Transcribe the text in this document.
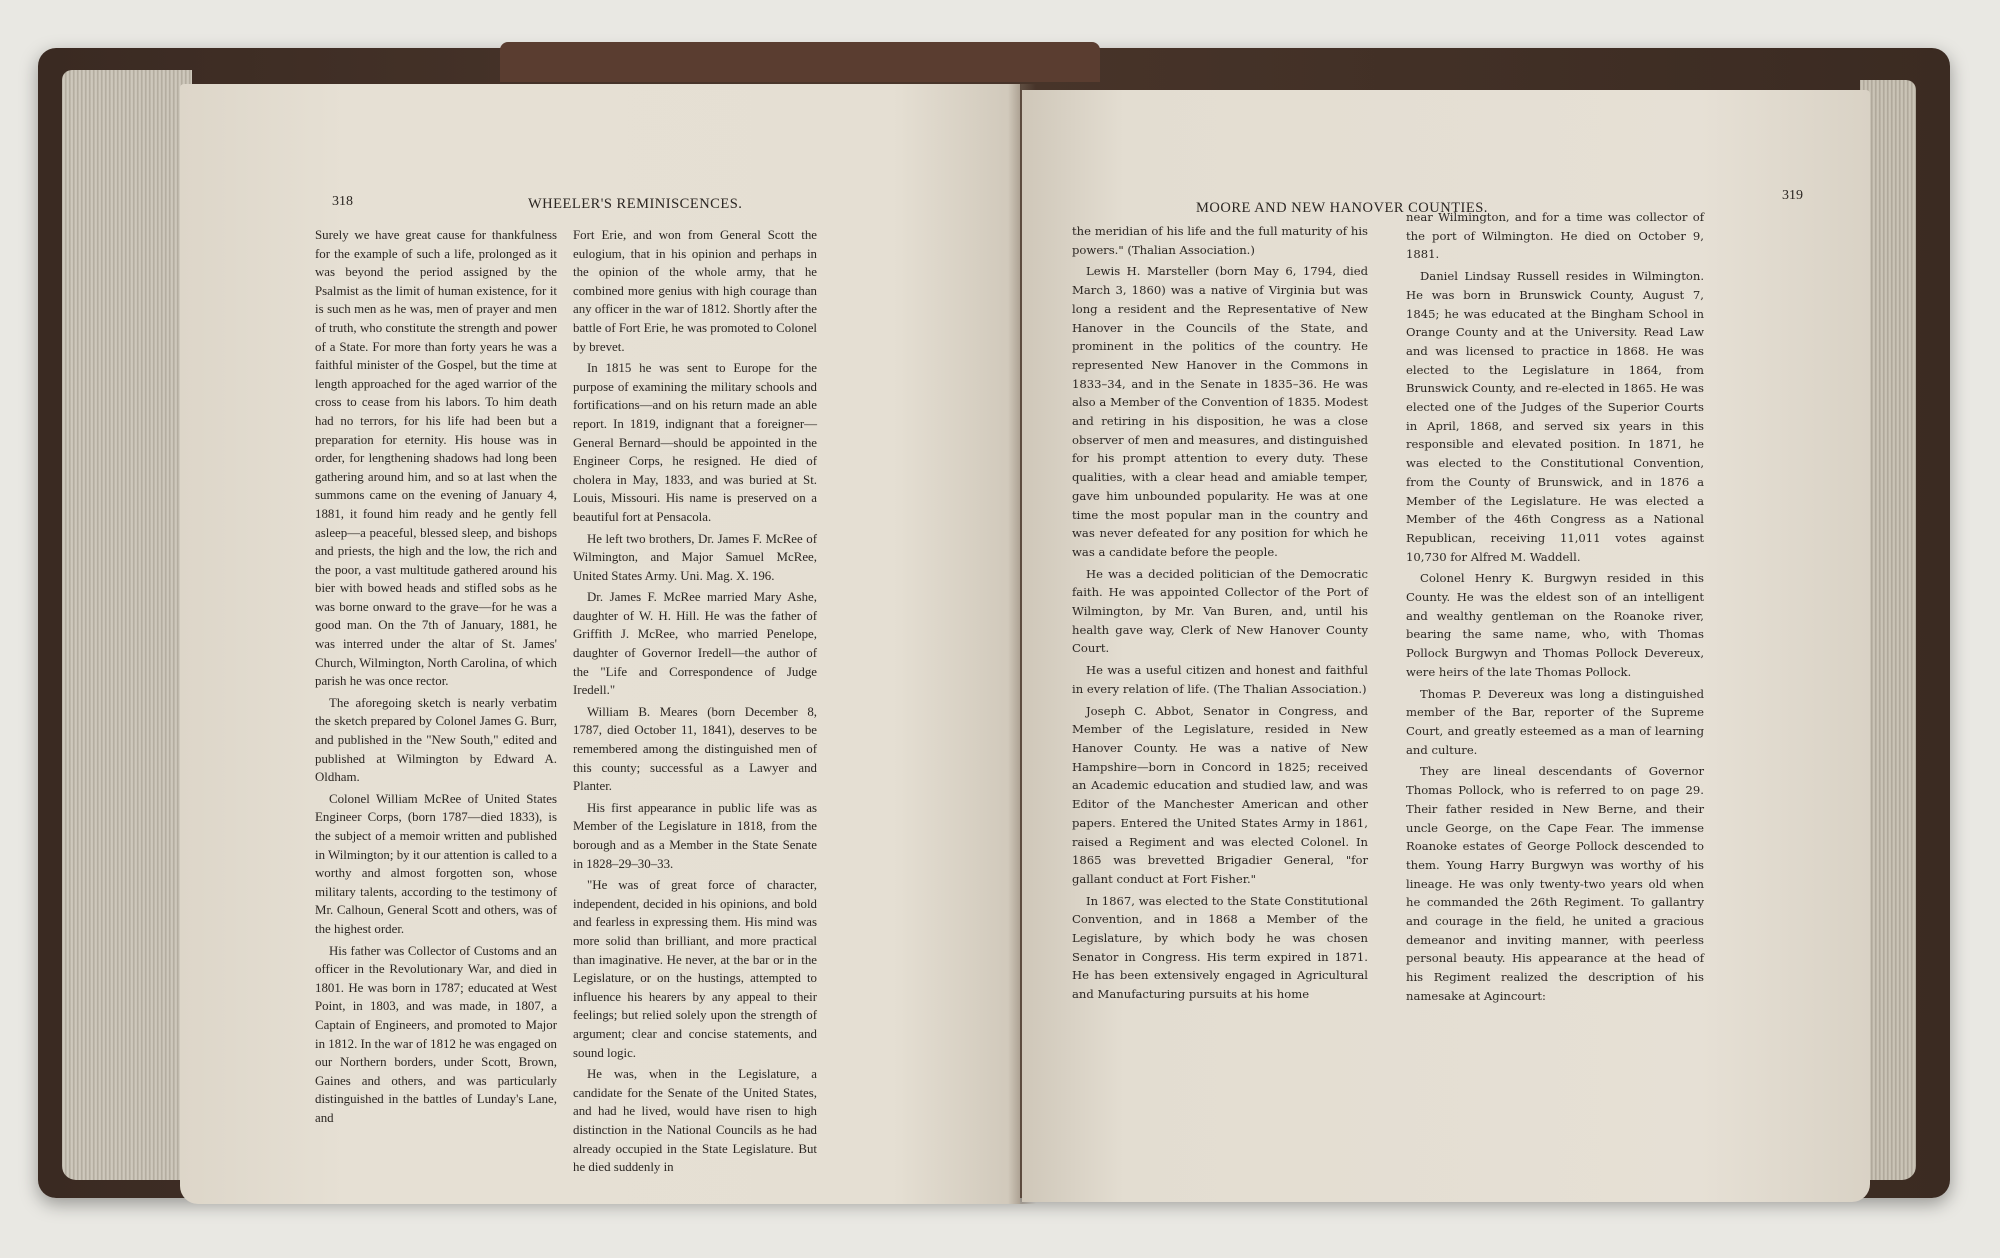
318	WHEELER'S REMINISCENCES.

Surely we have great cause for thankfulness for the example of such a life, prolonged as it was beyond the period assigned by the Psalmist as the limit of human existence, for it is such men as he was, men of prayer and men of truth, who constitute the strength and power of a State. For more than forty years he was a faithful minister of the Gospel, but the time at length approached for the aged warrior of the cross to cease from his labors. To him death had no terrors, for his life had been but a preparation for eternity. His house was in order, for lengthening shadows had long been gathering around him, and so at last when the summons came on the evening of January 4, 1881, it found him ready and he gently fell asleep—a peaceful, blessed sleep, and bishops and priests, the high and the low, the rich and the poor, a vast multitude gathered around his bier with bowed heads and stifled sobs as he was borne onward to the grave—for he was a good man. On the 7th of January, 1881, he was interred under the altar of St. James' Church, Wilmington, North Carolina, of which parish he was once rector.

The aforegoing sketch is nearly verbatim the sketch prepared by Colonel James G. Burr, and published in the "New South," edited and published at Wilmington by Edward A. Oldham.

Colonel William McRee of United States Engineer Corps, (born 1787—died 1833), is the subject of a memoir written and published in Wilmington; by it our attention is called to a worthy and almost forgotten son, whose military talents, according to the testimony of Mr. Calhoun, General Scott and others, was of the highest order.

His father was Collector of Customs and an officer in the Revolutionary War, and died in 1801. He was born in 1787; educated at West Point, in 1803, and was made, in 1807, a Captain of Engineers, and promoted to Major in 1812. In the war of 1812 he was engaged on our Northern borders, under Scott, Brown, Gaines and others, and was particularly distinguished in the battles of Lunday's Lane, and

Fort Erie, and won from General Scott the eulogium, that in his opinion and perhaps in the opinion of the whole army, that he combined more genius with high courage than any officer in the war of 1812. Shortly after the battle of Fort Erie, he was promoted to Colonel by brevet.

In 1815 he was sent to Europe for the purpose of examining the military schools and fortifications—and on his return made an able report. In 1819, indignant that a foreigner—General Bernard—should be appointed in the Engineer Corps, he resigned. He died of cholera in May, 1833, and was buried at St. Louis, Missouri. His name is preserved on a beautiful fort at Pensacola.

He left two brothers, Dr. James F. McRee of Wilmington, and Major Samuel McRee, United States Army. Uni. Mag. X. 196.

Dr. James F. McRee married Mary Ashe, daughter of W. H. Hill. He was the father of Griffith J. McRee, who married Penelope, daughter of Governor Iredell—the author of the "Life and Correspondence of Judge Iredell."

William B. Meares (born December 8, 1787, died October 11, 1841), deserves to be remembered among the distinguished men of this county; successful as a Lawyer and Planter.

His first appearance in public life was as Member of the Legislature in 1818, from the borough and as a Member in the State Senate in 1828–29–30–33.

"He was of great force of character, independent, decided in his opinions, and bold and fearless in expressing them. His mind was more solid than brilliant, and more practical than imaginative. He never, at the bar or in the Legislature, or on the hustings, attempted to influence his hearers by any appeal to their feelings; but relied solely upon the strength of argument; clear and concise statements, and sound logic.

He was, when in the Legislature, a candidate for the Senate of the United States, and had he lived, would have risen to high distinction in the National Councils as he had already occupied in the State Legislature. But he died suddenly in

MOORE AND NEW HANOVER COUNTIES.
319

the meridian of his life and the full maturity of his powers." (Thalian Association.)

Lewis H. Marsteller (born May 6, 1794, died March 3, 1860) was a native of Virginia but was long a resident and the Representative of New Hanover in the Councils of the State, and prominent in the politics of the country. He represented New Hanover in the Commons in 1833–34, and in the Senate in 1835–36. He was also a Member of the Convention of 1835. Modest and retiring in his disposition, he was a close observer of men and measures, and distinguished for his prompt attention to every duty. These qualities, with a clear head and amiable temper, gave him unbounded popularity. He was at one time the most popular man in the country and was never defeated for any position for which he was a candidate before the people.

He was a decided politician of the Democratic faith. He was appointed Collector of the Port of Wilmington, by Mr. Van Buren, and, until his health gave way, Clerk of New Hanover County Court.

He was a useful citizen and honest and faithful in every relation of life. (The Thalian Association.)

Joseph C. Abbot, Senator in Congress, and Member of the Legislature, resided in New Hanover County. He was a native of New Hampshire—born in Concord in 1825; received an Academic education and studied law, and was Editor of the Manchester American and other papers. Entered the United States Army in 1861, raised a Regiment and was elected Colonel. In 1865 was brevetted Brigadier General, "for gallant conduct at Fort Fisher."

In 1867, was elected to the State Constitutional Convention, and in 1868 a Member of the Legislature, by which body he was chosen Senator in Congress. His term expired in 1871. He has been extensively engaged in Agricultural and Manufacturing pursuits at his home

near Wilmington, and for a time was collector of the port of Wilmington. He died on October 9, 1881.

Daniel Lindsay Russell resides in Wilmington. He was born in Brunswick County, August 7, 1845; he was educated at the Bingham School in Orange County and at the University. Read Law and was licensed to practice in 1868. He was elected to the Legislature in 1864, from Brunswick County, and re-elected in 1865. He was elected one of the Judges of the Superior Courts in April, 1868, and served six years in this responsible and elevated position. In 1871, he was elected to the Constitutional Convention, from the County of Brunswick, and in 1876 a Member of the Legislature. He was elected a Member of the 46th Congress as a National Republican, receiving 11,011 votes against 10,730 for Alfred M. Waddell.

Colonel Henry K. Burgwyn resided in this County. He was the eldest son of an intelligent and wealthy gentleman on the Roanoke river, bearing the same name, who, with Thomas Pollock Burgwyn and Thomas Pollock Devereux, were heirs of the late Thomas Pollock.

Thomas P. Devereux was long a distinguished member of the Bar, reporter of the Supreme Court, and greatly esteemed as a man of learning and culture.

They are lineal descendants of Governor Thomas Pollock, who is referred to on page 29. Their father resided in New Berne, and their uncle George, on the Cape Fear. The immense Roanoke estates of George Pollock descended to them. Young Harry Burgwyn was worthy of his lineage. He was only twenty-two years old when he commanded the 26th Regiment. To gallantry and courage in the field, he united a gracious demeanor and inviting manner, with peerless personal beauty. His appearance at the head of his Regiment realized the description of his namesake at Agincourt:
